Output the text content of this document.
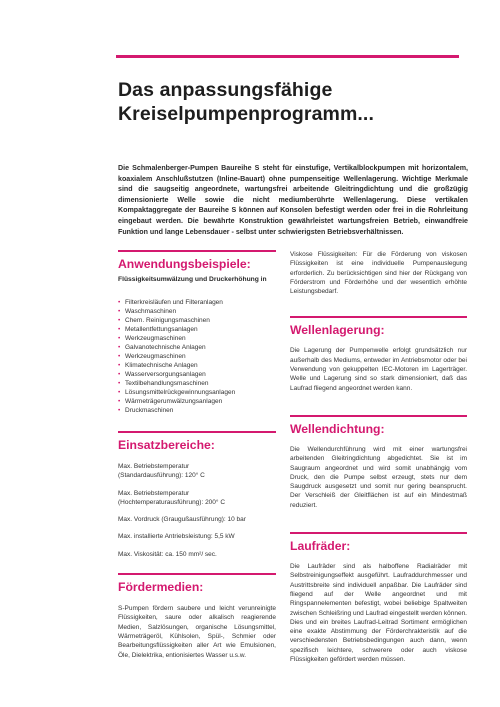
Das anpassungsfähige
Kreiselpumpenprogramm...
Die Schmalenberger-Pumpen Baureihe S steht für einstufige, Vertikalblockpumpen mit horizontalem, koaxialem Anschlußstutzen (Inline-Bauart) ohne pumpenseitige Wellenlagerung. Wichtige Merkmale sind die saugseitig angeordnete, wartungsfrei arbeitende Gleitringdichtung und die großzügig dimensionierte Welle sowie die nicht mediumberührte Wellenlagerung. Diese vertikalen Kompaktaggregate der Baureihe S können auf Konsolen befestigt werden oder frei in die Rohrleitung eingebaut werden. Die bewährte Konstruktion gewährleistet wartungsfreien Betrieb, einwandfreie Funktion und lange Lebensdauer - selbst unter schwierigsten Betriebsverhältnissen.
Anwendungsbeispiele:
Flüssigkeitsumwälzung und Druckerhöhung in
• Filterkreisläufen und Filteranlagen
• Waschmaschinen
• Chem. Reinigungsmaschinen
• Metallentfettungsanlagen
• Werkzeugmaschinen
• Galvanotechnische Anlagen
• Werkzeugmaschinen
• Klimatechnische Anlagen
• Wasserversorgungsanlagen
• Textilbehandlungsmaschinen
• Lösungsmittelrückgewinnungsanlagen
• Wärmeträgerumwälzungsanlagen
• Druckmaschinen
Einsatzbereiche:
Max. Betriebstemperatur
(Standardausführung): 120° C
Max. Betriebstemperatur
(Hochtemperaturausführung): 200° C
Max. Vordruck (Graugußausführung): 10 bar
Max. installierte Antriebsleistung: 5,5 kW
Max. Viskosität: ca. 150 mm²/ sec.
Fördermedien:

S-Pumpen fördern saubere und leicht verunreinigte Flüssigkeiten, saure oder alkalisch reagierende Medien, Salzlösungen, organische Lösungsmittel, Wärmeträgeröl, Kühlsolen, Spül-, Schmier oder Bearbeitungsflüssigkeiten aller Art wie Emulsionen, Öle, Dielektrika, entionisiertes Wasser u.s.w.

Viskose Flüssigkeiten: Für die Förderung von viskosen Flüssigkeiten ist eine individuelle Pumpenauslegung erforderlich. Zu berücksichtigen sind hier der Rückgang von Förderstrom und Förderhöhe und der wesentlich erhöhte Leistungsbedarf.

Wellenlagerung:

Die Lagerung der Pumpenwelle erfolgt grundsätzlich nur außerhalb des Mediums, entweder im Antriebsmotor oder bei Verwendung von gekuppelten IEC-Motoren im Lagerträger. Welle und Lagerung sind so stark dimensioniert, daß das Laufrad fliegend angeordnet werden kann.

Wellendichtung:

Die Wellendurchführung wird mit einer wartungsfrei arbeitenden Gleitringdichtung abgedichtet. Sie ist im Saugraum angeordnet und wird somit unabhängig vom Druck, den die Pumpe selbst erzeugt, stets nur dem Saugdruck ausgesetzt und somit nur gering beansprucht. Der Verschleiß der Gleitflächen ist auf ein Mindestmaß reduziert.

Laufräder:

Die Laufräder sind als halboffene Radialräder mit Selbstreinigungseffekt ausgeführt. Laufraddurchmesser und Austrittsbreite sind individuell anpaßbar. Die Laufräder sind fliegend auf der Welle angeordnet und mit Ringspannelementen befestigt, wobei beliebige Spaltweiten zwischen Schleißring und Laufrad eingestellt werden können. Dies und ein breites Laufrad-Leitrad Sortiment ermöglichen eine exakte Abstimmung der Förderchrakteristik auf die verschiedensten Betriebsbedingungen auch dann, wenn spezifisch leichtere, schwerere oder auch viskose Flüssigkeiten gefördert werden müssen.
